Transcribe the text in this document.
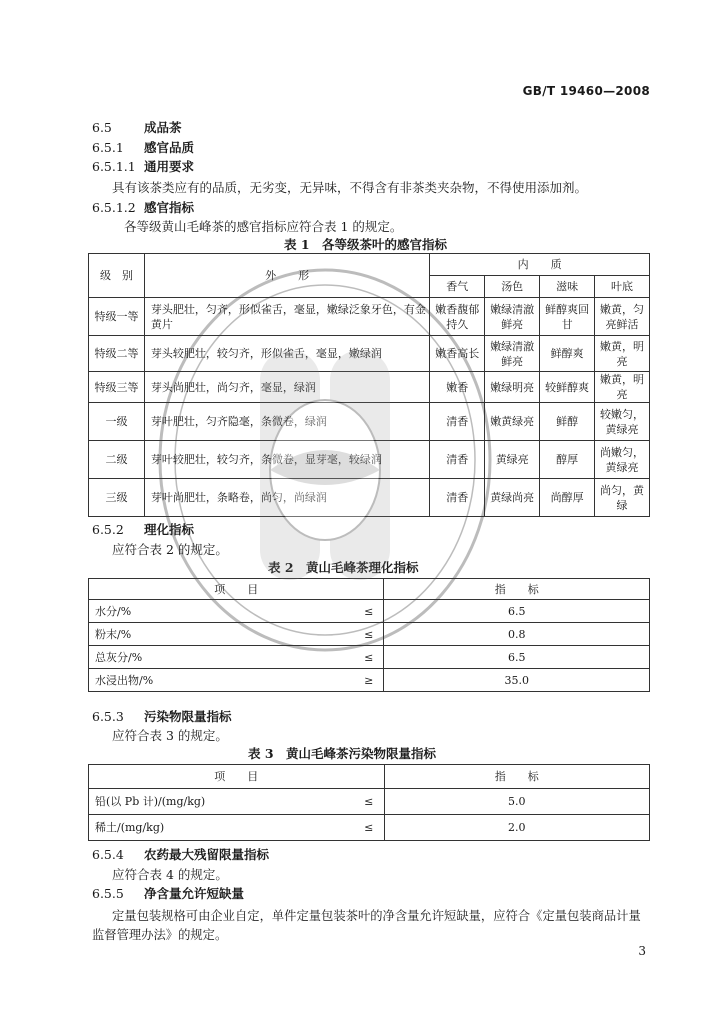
GB/T 19460—2008
6.5	成品茶
6.5.1 感官品质
6.5.1.1 通用要求
具有该茶类应有的品质，无劣变，无异味，不得含有非茶类夹杂物，不得使用添加剂。
6.5.1.2 感官指标
各等级黄山毛峰茶的感官指标应符合表 1 的规定。
表 1　各等级茶叶的感官指标
级　别	外　　形	内　　质			
		香气	汤色	滋味	叶底
特级一等	芽头肥壮，匀齐，形似雀舌，毫显，嫩绿泛象牙色，有金黄片	嫩香馥郁持久	嫩绿清澈鲜亮	鲜醇爽回甘	嫩黄，匀亮鲜活
特级二等	芽头较肥壮，较匀齐，形似雀舌，毫显，嫩绿润	嫩香高长	嫩绿清澈鲜亮	鲜醇爽	嫩黄，明亮
特级三等	芽头尚肥壮，尚匀齐，毫显，绿润	嫩香	嫩绿明亮	较鲜醇爽	嫩黄，明亮
一级	芽叶肥壮，匀齐隐毫，条微卷，绿润	清香	嫩黄绿亮	鲜醇	较嫩匀，黄绿亮
二级	芽叶较肥壮，较匀齐，条微卷，显芽毫，较绿润	清香	黄绿亮	醇厚	尚嫩匀，黄绿亮
三级	芽叶尚肥壮，条略卷，尚匀，尚绿润	清香	黄绿尚亮	尚醇厚	尚匀，黄绿
6.5.2 理化指标
应符合表 2 的规定。
表 2　黄山毛峰茶理化指标
项　　目		指　　标
水分/%	≤	6.5
粉末/%	≤	0.8
总灰分/%	≤	6.5
水浸出物/%	≥	35.0
6.5.3 污染物限量指标
应符合表 3 的规定。
表 3　黄山毛峰茶污染物限量指标
项　　目		指　　标
铅(以 Pb 计)/(mg/kg)	≤	5.0
稀土/(mg/kg)	≤	2.0
6.5.4 农药最大残留限量指标
应符合表 4 的规定。
6.5.5 净含量允许短缺量
定量包装规格可由企业自定，单件定量包装茶叶的净含量允许短缺量，应符合《定量包装商品计量
监督管理办法》的规定。
3
